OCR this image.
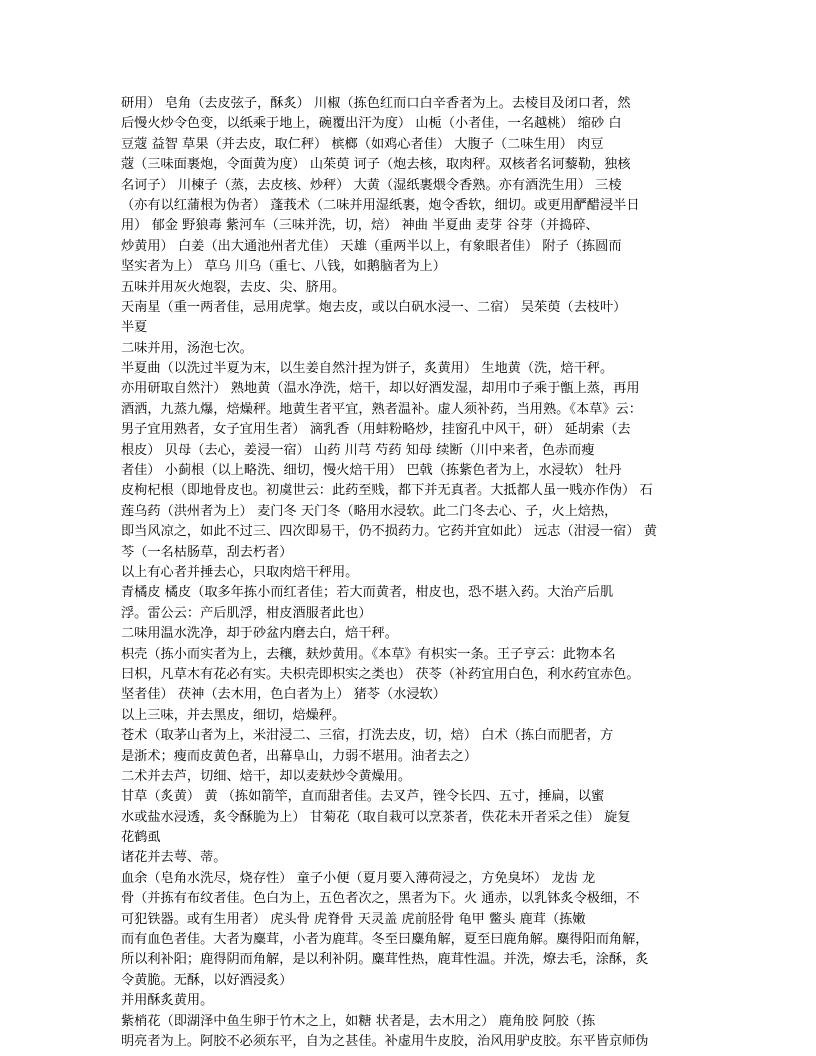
研用） 皂角（去皮弦子，酥炙） 川椒（拣色红而口白辛香者为上。去棱目及闭口者，然
后慢火炒令色变，以纸乘于地上，碗覆出汗为度） 山栀（小者佳，一名越桃） 缩砂 白
豆蔻 益智 草果（并去皮，取仁秤） 槟榔（如鸡心者佳） 大腹子（二味生用） 肉豆
蔻（三味面裹炮，令面黄为度） 山茱萸 诃子（炮去核，取肉秤。双核者名诃藜勒，独核
名诃子） 川楝子（蒸，去皮核、炒秤） 大黄（湿纸裹煨令香熟。亦有酒洗生用） 三棱
（亦有以红蒲根为伪者） 蓬莪术（二味并用湿纸裹，炮令香软，细切。或更用酽醋浸半日
用） 郁金 野狼毒 紫河车（三味并洗，切，焙） 神曲 半夏曲 麦芽 谷芽（并捣碎、
炒黄用） 白姜（出大通池州者尤佳） 天雄（重两半以上，有象眼者佳） 附子（拣圆而
坚实者为上） 草乌 川乌（重七、八钱，如鹅脑者为上）
五味并用灰火炮裂，去皮、尖、脐用。
天南星（重一两者佳，忌用虎掌。炮去皮，或以白矾水浸一、二宿） 吴茱萸（去枝叶）
半夏
二味并用，汤泡七次。
半夏曲（以洗过半夏为末，以生姜自然汁捏为饼子，炙黄用） 生地黄（洗，焙干秤。
亦用研取自然汁） 熟地黄（温水净洗，焙干，却以好酒发湿，却用巾子乘于甑上蒸，再用
酒洒，九蒸九爆，焙燥秤。地黄生者平宜，熟者温补。虚人须补药，当用熟。《本草》云：
男子宜用熟者，女子宜用生者） 滴乳香（用蚌粉略炒，挂窗孔中风干，研） 延胡索（去
根皮） 贝母（去心，姜浸一宿） 山药 川芎 芍药 知母 续断（川中来者，色赤而瘦
者佳） 小蓟根（以上略洗、细切，慢火焙干用） 巴戟（拣紫色者为上，水浸软） 牡丹
皮枸杞根（即地骨皮也。初虞世云：此药至贱，都下并无真者。大抵都人虽一贱亦作伪） 石
莲乌药（洪州者为上） 麦门冬 天门冬（略用水浸软。此二门冬去心、子，火上焙热，
即当风凉之，如此不过三、四次即易干，仍不损药力。它药并宜如此） 远志（泔浸一宿） 黄
芩（一名枯肠草，刮去朽者）
以上有心者并捶去心，只取肉焙干秤用。
青橘皮 橘皮（取多年拣小而红者佳；若大而黄者，柑皮也，恐不堪入药。大治产后肌
浮。雷公云：产后肌浮，柑皮酒服者此也）
二味用温水洗净，却于砂盆内磨去白，焙干秤。
枳壳（拣小而实者为上，去穰，麸炒黄用。《本草》有枳实一条。王子亨云：此物本名
曰枳，凡草木有花必有实。夫枳壳即枳实之类也） 茯苓（补药宜用白色，利水药宜赤色。
坚者佳） 茯神（去木用，色白者为上） 猪苓（水浸软）
以上三味，并去黑皮，细切，焙燥秤。
苍术（取茅山者为上，米泔浸二、三宿，打洗去皮，切，焙） 白术（拣白而肥者，方
是浙术；瘦而皮黄色者，出幕阜山，力弱不堪用。油者去之）
二术并去芦，切细、焙干，却以麦麸炒令黄燥用。
甘草（炙黄） 黄 （拣如箭竿，直而甜者佳。去叉芦，锉令长四、五寸，捶扁，以蜜
水或盐水浸透，炙令酥脆为上） 甘菊花（取自栽可以烹茶者，佚花未开者采之佳） 旋复
花鹤虱
诸花并去萼、蒂。
血余（皂角水洗尽，烧存性） 童子小便（夏月要入薄荷浸之，方免臭坏） 龙齿 龙
骨（并拣有布纹者佳。色白为上，五色者次之，黑者为下。火 通赤，以乳钵炙令极细，不
可犯铁器。或有生用者） 虎头骨 虎脊骨 天灵盖 虎前胫骨 龟甲 鳖头 鹿茸（拣嫩
而有血色者佳。大者为麋茸，小者为鹿茸。冬至曰麋角解，夏至曰鹿角解。麋得阳而角解，
所以利补阳；鹿得阴而角解，是以利补阴。麋茸性热，鹿茸性温。并洗，燎去毛，涂酥，炙
令黄脆。无酥，以好酒浸炙）
并用酥炙黄用。
紫梢花（即湖泽中鱼生卵于竹木之上，如糖 状者是，去木用之） 鹿角胶 阿胶（拣
明亮者为上。阿胶不必须东平，自为之甚佳。补虚用牛皮胶，治风用驴皮胶。东平皆京师伪
